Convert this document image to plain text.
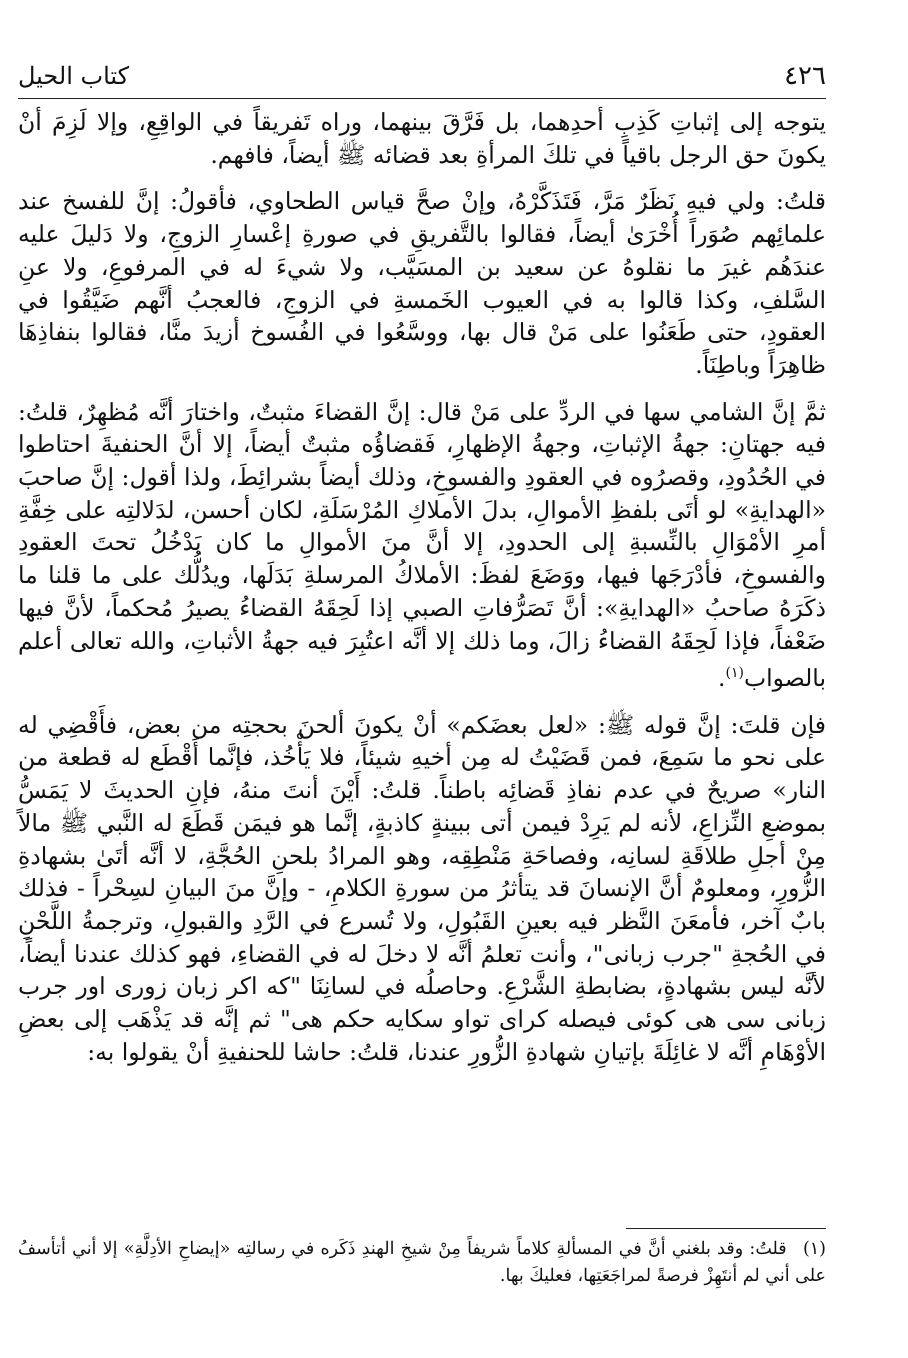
٤٢٦
كتاب الحيل

يتوجه إلى إثباتِ كَذِبِ أحدِهما، بل فَرَّقَ بينهما، وراه تَفريقاً في الواقِعِ، وإلا لَزِمَ أنْ يكونَ حق الرجل باقياً في تلكَ المرأةِ بعد قضائه ﷺ أيضاً، فافهم.

قلتُ: ولي فيهِ نَظَرٌ مَرَّ، فَتَذَكَّرْهُ، وإنْ صحَّ قياس الطحاوي، فأقولُ: إنَّ للفسخ عند علمائِهم صُوَراً أُخْرَىٰ أيضاً، فقالوا بالتَّفريقِ في صورةِ إعْسارِ الزوجِ، ولا دَليلَ عليه عندَهُم غيرَ ما نقلوهُ عن سعيد بن المسَيَّب، ولا شيءَ له في المرفوعِ، ولا عنِ السَّلفِ، وكذا قالوا به في العيوب الخَمسةِ في الزوجِ، فالعجبُ أنَّهم ضَيَّقُوا في العقودِ، حتى طَعَنُوا على مَنْ قال بها، ووسَّعُوا في الفُسوخ أزيدَ منَّا، فقالوا بنفاذِهَا ظاهِرَاً وباطِنَاً.

ثمَّ إنَّ الشامي سها في الردِّ على مَنْ قال: إنَّ القضاءَ مثبتٌ، واختارَ أنَّه مُظهِرٌ، قلتُ: فيه جهتانِ: جهةُ الإثباتِ، وجهةُ الإظهارِ، فَقضاؤُه مثبتٌ أيضاً، إلا أنَّ الحنفيةَ احتاطوا في الحُدُودِ، وقصرُوه في العقودِ والفسوخِ، وذلك أيضاً بشرائِطَ، ولذا أقول: إنَّ صاحبَ «الهدايةِ» لو أتَى بلفظِ الأموالِ، بدلَ الأملاكِ المُرْسَلَةِ، لكان أحسن، لدَلالتِه على خِفَّةِ أمرِ الأمْوَالِ بالنِّسبةِ إلى الحدودِ، إلا أنَّ منَ الأموالِ ما كان يَدْخُلُ تحتَ العقودِ والفسوخِ، فأدْرَجَها فيها، ووَضَعَ لفظَ: الأملاكُ المرسلةِ بَدَلَها، ويدُلُّك على ما قلنا ما ذكَرَهُ صاحبُ «الهدايةِ»: أنَّ تَصَرُّفاتِ الصبي إذا لَحِقَهُ القضاءُ يصيرُ مُحكماً، لأنَّ فيها ضَعْفاً، فإذا لَحِقَهُ القضاءُ زالَ، وما ذلك إلا أنَّه اعتُبِرَ فيه جهةُ الأثباتِ، والله تعالى أعلم بالصواب$^{(١)}$.

فإن قلتَ: إنَّ قوله ﷺ: «لعل بعضَكم» أنْ يكونَ ألحنَ بحجتِه من بعض، فأَقْضِي له على نحو ما سَمِعَ، فمن قَضَيْتُ له مِن أخيهِ شيئاً، فلا يَأْخُذ، فإنَّما أَقْطَع له قطعة من النار» صريحٌ في عدم نفاذِ قَضائِه باطناً. قلتُ: أَيْنَ أنتَ منهُ، فإنِ الحديثَ لا يَمَسُّ بموضعِ النِّزاعِ، لأنه لم يَرِدْ فيمن أتى ببينةٍ كاذبةٍ، إنَّما هو فيمَن قَطَعَ له النَّبي ﷺ مالاً مِنْ أجلِ طلاقَةِ لسانِه، وفصاحَةِ مَنْطِقِه، وهو المرادُ بلحنِ الحُجَّةِ، لا أنَّه أتَىٰ بشهادةِ الزُّورِ، ومعلومٌ أنَّ الإنسانَ قد يتأثرُ من سورةِ الكلامِ، - وإنَّ منَ البيانِ لسِحْراً - فذلك بابٌ آخر، فأمعَنَ النَّظر فيه بعينِ القَبُولِ، ولا تُسرع في الرَّدِ والقبولِ، وترجمةُ اللَّحْنِ في الحُجةِ "جرب زبانى"، وأنت تعلمُ أنَّه لا دخلَ له في القضاءِ، فهو كذلك عندنا أيضاً، لأنَّه ليس بشهادةٍ، بضابطةِ الشَّرْعِ. وحاصلُه في لسانِنَا "كه اكر زبان زورى اور جرب زبانى سى هى كوئى فيصله كراى تواو سكايه حكم هى" ثم إنَّه قد يَذْهَب إلى بعضِ الأوْهَامِ أنَّه لا غائِلَةَ بإتيانِ شهادةِ الزُّورِ عندنا، قلتُ: حاشا للحنفيةِ أنْ يقولوا به:

(١) قلتُ: وقد بلغني أنَّ في المسألةِ كلاماً شريفاً مِنْ شيخِ الهندِ ذَكَره في رسالتِه «إيضاحِ الأدِلَّةِ» إلا أني أتأسفُ على أني لم أنتَهِزْ فرصةً لمراجَعَتِها، فعليكَ بها.
